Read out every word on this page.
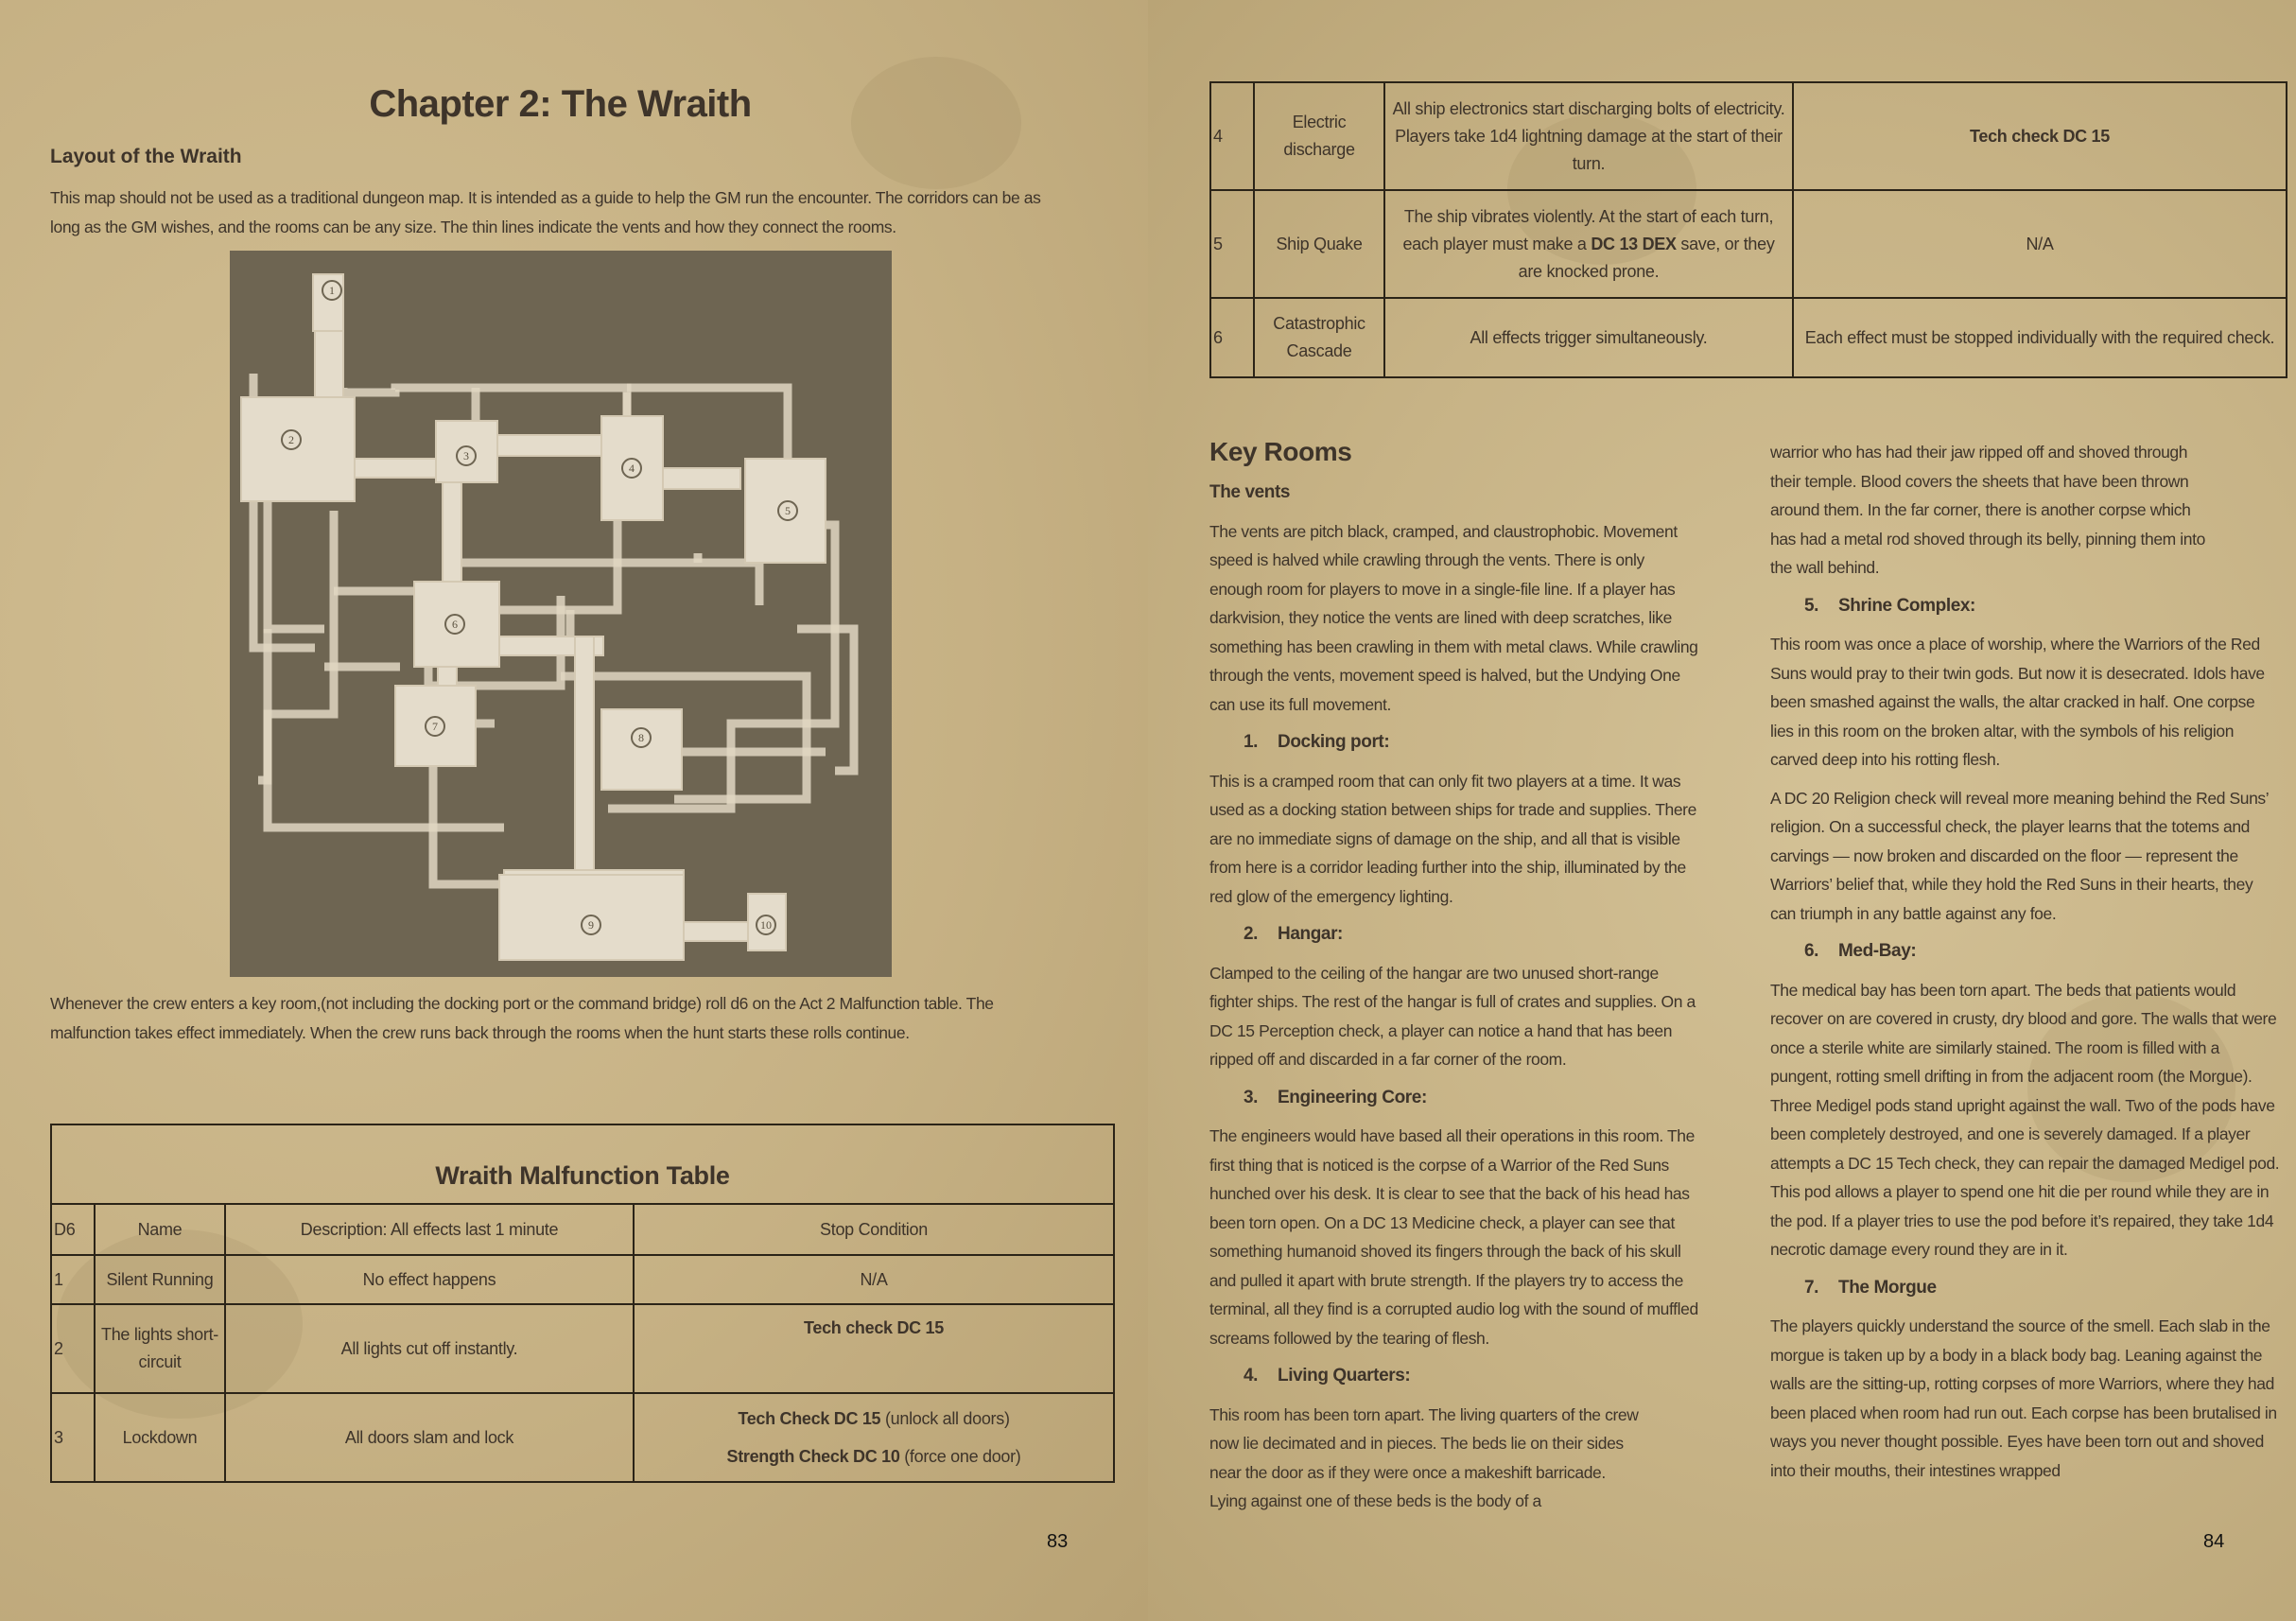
Chapter 2: The Wraith
Layout of the Wraith
This map should not be used as a traditional dungeon map. It is intended as a guide to help the GM run the encounter. The corridors can be as
long as the GM wishes, and the rooms can be any size. The thin lines indicate the vents and how they connect the rooms.
1
2
3
4
5
6
7
8
9	10
Whenever the crew enters a key room,(not including the docking port or the command bridge) roll d6 on the Act 2 Malfunction table. The
malfunction takes effect immediately. When the crew runs back through the rooms when the hunt starts these rolls continue.
Wraith Malfunction Table			
D6	Name	Description: All effects last 1 minute	Stop Condition
1	Silent Running	No effect happens	N/A
2	The lights short-circuit	All lights cut off instantly.	Tech check DC 15
3	Lockdown	All doors slam and lock	Tech Check DC 15 (unlock all doors)
Strength Check DC 10 (force one door)
83
4	Electric discharge	All ship electronics start discharging bolts of electricity. Players take 1d4 lightning damage at the start of their turn.	Tech check DC 15
5	Ship Quake	The ship vibrates violently. At the start of each turn, each player must make a DC 13 DEX save, or they are knocked prone.	N/A
6	Catastrophic Cascade	All effects trigger simultaneously.	Each effect must be stopped individually with the required check.
Key Rooms
The vents

The vents are pitch black, cramped, and claustrophobic. Movement speed is halved while crawling through the vents. There is only enough room for players to move in a single-file line. If a player has darkvision, they notice the vents are lined with deep scratches, like something has been crawling in them with metal claws. While crawling through the vents, movement speed is halved, but the Undying One can use its full movement.

1. Docking port:

This is a cramped room that can only fit two players at a time. It was used as a docking station between ships for trade and supplies. There are no immediate signs of damage on the ship, and all that is visible from here is a corridor leading further into the ship, illuminated by the red glow of the emergency lighting.

2. Hangar:

Clamped to the ceiling of the hangar are two unused short-range fighter ships. The rest of the hangar is full of crates and supplies. On a DC 15 Perception check, a player can notice a hand that has been ripped off and discarded in a far corner of the room.

3. Engineering Core:

The engineers would have based all their operations in this room. The first thing that is noticed is the corpse of a Warrior of the Red Suns hunched over his desk. It is clear to see that the back of his head has been torn open. On a DC 13 Medicine check, a player can see that something humanoid shoved its fingers through the back of his skull and pulled it apart with brute strength. If the players try to access the terminal, all they find is a corrupted audio log with the sound of muffled screams followed by the tearing of flesh.

4. Living Quarters:

This room has been torn apart. The living quarters of the crew now lie decimated and in pieces. The beds lie on their sides near the door as if they were once a makeshift barricade. Lying against one of these beds is the body of a

warrior who has had their jaw ripped off and shoved through their temple. Blood covers the sheets that have been thrown around them. In the far corner, there is another corpse which has had a metal rod shoved through its belly, pinning them into the wall behind.

5. Shrine Complex:

This room was once a place of worship, where the Warriors of the Red Suns would pray to their twin gods. But now it is desecrated. Idols have been smashed against the walls, the altar cracked in half. One corpse lies in this room on the broken altar, with the symbols of his religion carved deep into his rotting flesh.

A DC 20 Religion check will reveal more meaning behind the Red Suns’ religion. On a successful check, the player learns that the totems and carvings — now broken and discarded on the floor — represent the Warriors’ belief that, while they hold the Red Suns in their hearts, they can triumph in any battle against any foe.

6. Med-Bay:

The medical bay has been torn apart. The beds that patients would recover on are covered in crusty, dry blood and gore. The walls that were once a sterile white are similarly stained. The room is filled with a pungent, rotting smell drifting in from the adjacent room (the Morgue). Three Medigel pods stand upright against the wall. Two of the pods have been completely destroyed, and one is severely damaged. If a player attempts a DC 15 Tech check, they can repair the damaged Medigel pod. This pod allows a player to spend one hit die per round while they are in the pod. If a player tries to use the pod before it’s repaired, they take 1d4 necrotic damage every round they are in it.

7. The Morgue

The players quickly understand the source of the smell. Each slab in the morgue is taken up by a body in a black body bag. Leaning against the walls are the sitting-up, rotting corpses of more Warriors, where they had been placed when room had run out. Each corpse has been brutalised in ways you never thought possible. Eyes have been torn out and shoved into their mouths, their intestines wrapped

84
